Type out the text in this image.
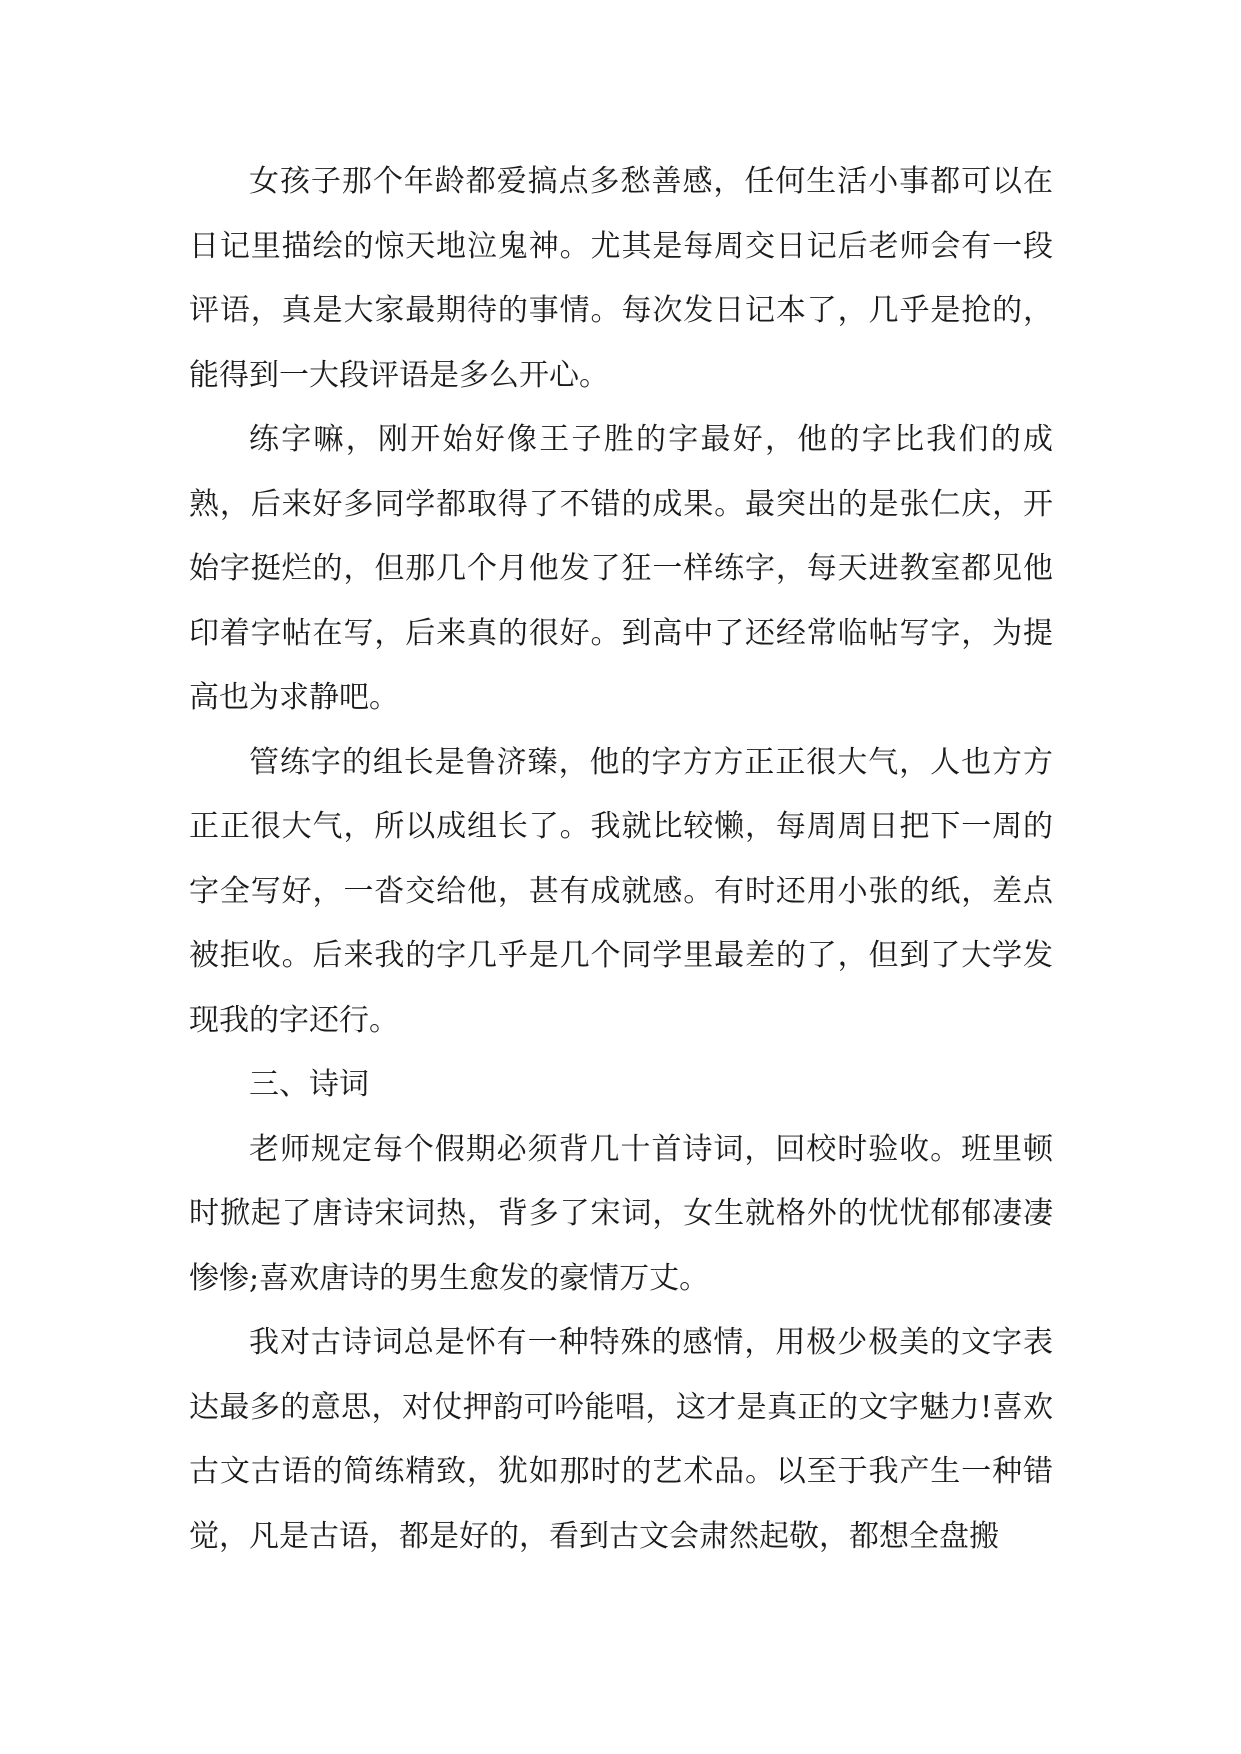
女孩子那个年龄都爱搞点多愁善感，任何生活小事都可以在日记里描绘的惊天地泣鬼神。尤其是每周交日记后老师会有一段评语，真是大家最期待的事情。每次发日记本了，几乎是抢的，能得到一大段评语是多么开心。

练字嘛，刚开始好像王子胜的字最好，他的字比我们的成熟，后来好多同学都取得了不错的成果。最突出的是张仁庆，开始字挺烂的，但那几个月他发了狂一样练字，每天进教室都见他印着字帖在写，后来真的很好。到高中了还经常临帖写字，为提高也为求静吧。

管练字的组长是鲁济臻，他的字方方正正很大气，人也方方正正很大气，所以成组长了。我就比较懒，每周周日把下一周的字全写好，一沓交给他，甚有成就感。有时还用小张的纸，差点被拒收。后来我的字几乎是几个同学里最差的了，但到了大学发现我的字还行。

三、诗词

老师规定每个假期必须背几十首诗词，回校时验收。班里顿时掀起了唐诗宋词热，背多了宋词，女生就格外的忧忧郁郁凄凄惨惨;喜欢唐诗的男生愈发的豪情万丈。

我对古诗词总是怀有一种特殊的感情，用极少极美的文字表达最多的意思，对仗押韵可吟能唱，这才是真正的文字魅力!喜欢古文古语的简练精致，犹如那时的艺术品。以至于我产生一种错觉，凡是古语，都是好的，看到古文会肃然起敬，都想全盘搬
